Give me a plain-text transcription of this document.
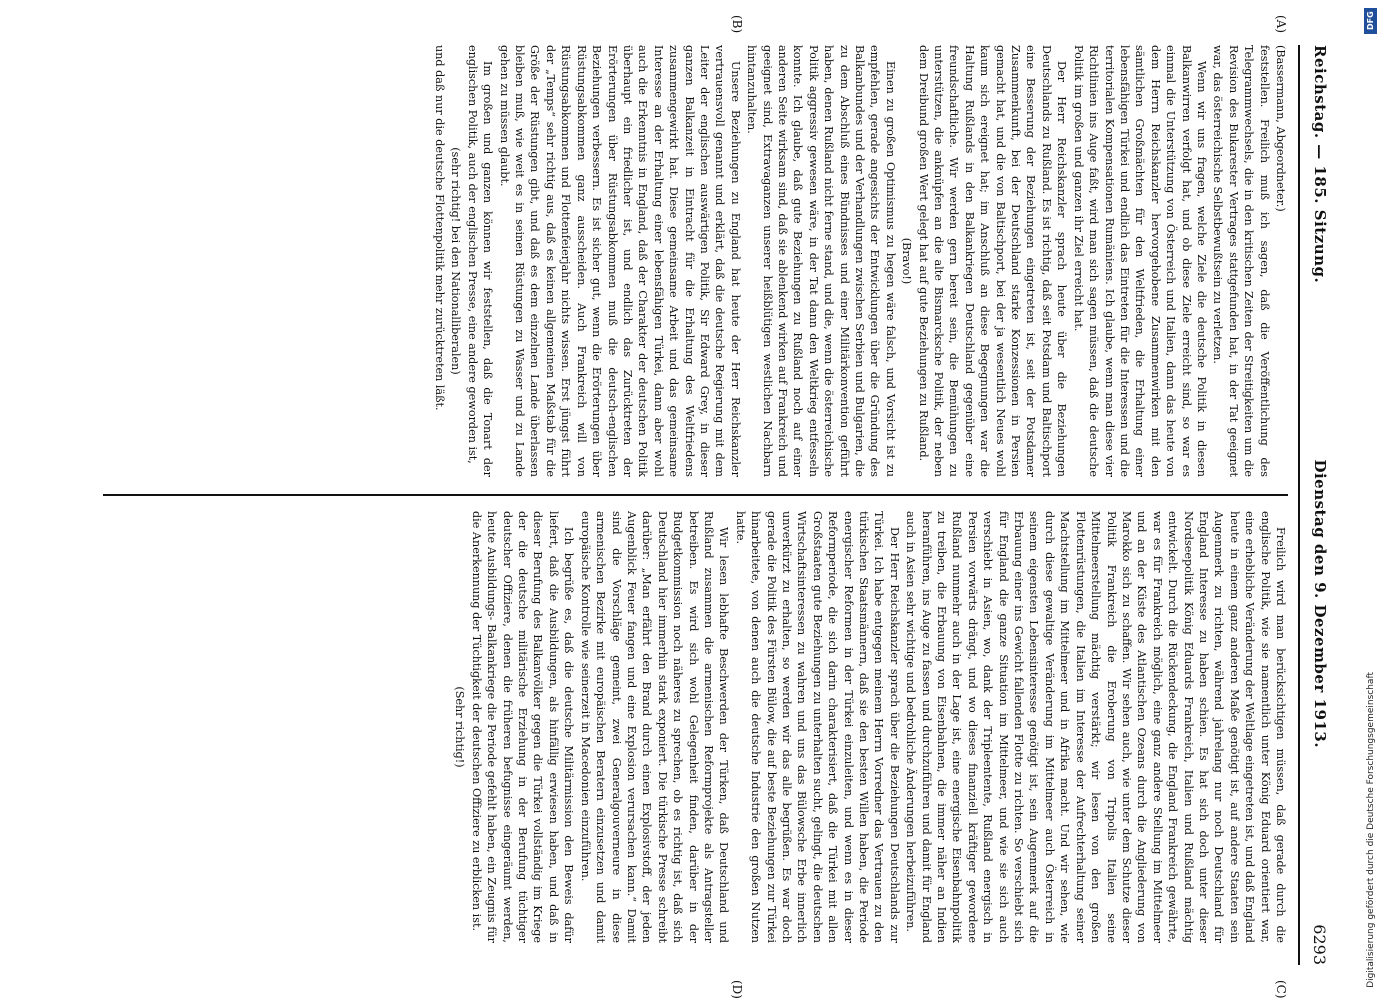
Reichstag. — 185. Sitzung.
Dienstag den 9. Dezember 1913.
6293
(A)
(B)
(C)
(D)

(Bassermann, Abgeordneter.)

feststellen. Freilich muß ich sagen, daß die Veröffentlichung des Telegrammwechsels, die in den kritischen Zeiten der Streitigkeiten um die Revision des Bukarester Vertrages stattgefunden hat, in der Tat geeignet war, das österreichische Selbstbewußtsein zu verletzen.

Wenn wir uns fragen, welche Ziele die deutsche Politik in diesen Balkanwirren verfolgt hat, und ob diese Ziele erreicht sind, so war es einmal die Unterstützung von Österreich und Italien, dann das heute von dem Herrn Reichskanzler hervorgehobene Zusammenwirken mit den sämtlichen Großmächten für den Weltfrieden, die Erhaltung einer lebensfähigen Türkei und endlich das Eintreten für die Interessen und die territorialen Kompensationen Rumäniens. Ich glaube, wenn man diese vier Richtlinien ins Auge faßt, wird man sich sagen müssen, daß die deutsche Politik im großen und ganzen ihr Ziel erreicht hat.

Der Herr Reichskanzler sprach heute über die Beziehungen Deutschlands zu Rußland. Es ist richtig, daß seit Potsdam und Baltischport eine Besserung der Beziehungen eingetreten ist, seit der Potsdamer Zusammenkunft, bei der Deutschland starke Konzessionen in Persien gemacht hat, und die von Baltischport, bei der ja wesentlich Neues wohl kaum sich ereignet hat; im Anschluß an diese Begegnungen war die Haltung Rußlands in den Balkankriegen Deutschland gegenüber eine freundschaftliche. Wir werden gern bereit sein, die Bemühungen zu unterstützen, die anknüpfen an die alte Bismarcksche Politik, der neben dem Dreibund großen Wert gelegt hat auf gute Beziehungen zu Rußland.

(Bravo!)

Einen zu großen Optimismus zu hegen wäre falsch, und Vorsicht ist zu empfehlen, gerade angesichts der Entwicklungen über die Gründung des Balkanbundes und der Verhandlungen zwischen Serbien und Bulgarien, die zu dem Abschluß eines Bündnisses und einer Militärkonvention geführt haben, denen Rußland nicht ferne stand, und die, wenn die österreichische Politik aggressiv gewesen wäre, in der Tat dann den Weltkrieg entfesseln konnte. Ich glaube, daß gute Beziehungen zu Rußland noch auf einer anderen Seite wirksam sind, daß sie ablenkend wirken auf Frankreich und geeignet sind, Extravaganzen unserer heißblütigen westlichen Nachbarn hintanzuhalten.

Unsere Beziehungen zu England hat heute der Herr Reichskanzler vertrauensvoll genannt und erklärt, daß die deutsche Regierung mit dem Leiter der englischen auswärtigen Politik, Sir Edward Grey, in dieser ganzen Balkanzeit in Eintracht für die Erhaltung des Weltfriedens zusammengewirkt hat. Diese gemeinsame Arbeit und das gemeinsame Interesse an der Erhaltung einer lebensfähigen Türkei, dann aber wohl auch die Erkenntnis in England, daß der Charakter der deutschen Politik überhaupt ein friedlicher ist, und endlich das Zurücktreten der Erörterungen über Rüstungsabkommen muß die deutsch-englischen Beziehungen verbessern. Es ist sicher gut, wenn die Erörterungen über Rüstungsabkommen ganz ausscheiden. Auch Frankreich will von Rüstungsabkommen und Flottenfeierjahr nichts wissen. Erst jüngst führt der „Temps“ sehr richtig aus, daß es keinen allgemeinen Maßstab für die Größe der Rüstungen gibt, und daß es dem einzelnen Lande überlassen bleiben muß, wie weit es in seinen Rüstungen zu Wasser und zu Lande gehen zu müssen glaubt.

Im großen und ganzen können wir feststellen, daß die Tonart der englischen Politik, auch der englischen Presse, eine andere geworden ist,

(sehr richtig! bei den Nationalliberalen)

und daß nur die deutsche Flottenpolitik mehr zurücktreten läßt.

Freilich wird man berücksichtigen müssen, daß gerade durch die englische Politik, wie sie namentlich unter König Eduard orientiert war, eine erhebliche Veränderung der Weltlage eingetreten ist, und daß England heute in einem ganz anderen Maße genötigt ist, auf andere Staaten sein Augenmerk zu richten, während jahrelang nur noch Deutschland für England Interesse zu haben schien. Es hat sich doch unter dieser Nordseepolitik König Eduards Frankreich, Italien und Rußland mächtig entwickelt. Durch die Rückendeckung, die England Frankreich gewährte, war es für Frankreich möglich, eine ganz andere Stellung im Mittelmeer und an der Küste des Atlantischen Ozeans durch die Angliederung von Marokko sich zu schaffen. Wir sehen auch, wie unter dem Schutze dieser Politik Frankreich die Eroberung von Tripolis Italien seine Mittelmeerstellung mächtig verstärkt; wir lesen von den großen Flottenrüstungen, die Italien im Interesse der Aufrechterhaltung seiner Machtstellung im Mittelmeer und in Afrika macht. Und wir sehen, wie durch diese gewaltige Veränderung im Mittelmeer auch Österreich in seinem eigensten Lebensinteresse genötigt ist, sein Augenmerk auf die Erbauung einer ins Gewicht fallenden Flotte zu richten. So verschiebt sich für England die ganze Situation im Mittelmeer, und wie sie sich auch verschiebt in Asien, wo, dank der Tripleentente, Rußland energisch in Persien vorwärts drängt, und wo dieses finanziell kräftiger gewordene Rußland nunmehr auch in der Lage ist, eine energische Eisenbahnpolitik zu treiben, die Erbauung von Eisenbahnen, die immer näher an Indien heranführen, ins Auge zu fassen und durchzuführen und damit für England auch in Asien sehr wichtige und bedrohliche Änderungen herbeizuführen.

Der Herr Reichskanzler sprach über die Beziehungen Deutschlands zur Türkei. Ich habe entgegen meinem Herrn Vorredner das Vertrauen zu den türkischen Staatsmännern, daß sie den besten Willen haben, die Periode energischer Reformen in der Türkei einzuleiten, und wenn es in dieser Reformperiode, die sich darin charakterisiert, daß die Türkei mit allen Großstaaten gute Beziehungen zu unterhalten sucht, gelingt, die deutschen Wirtschaftsinteressen zu wahren und uns das Bülowsche Erbe innerlich unverkürzt zu erhalten, so werden wir das alle begrüßen. Es war doch gerade die Politik des Fürsten Bülow, die auf beste Beziehungen zur Türkei hinarbeitete, von denen auch die deutsche Industrie den großen Nutzen hatte.

Wir lesen lebhafte Beschwerden der Türken, daß Deutschland und Rußland zusammen die armenischen Reformprojekte als Antragsteller betreiben. Es wird sich wohl Gelegenheit finden, darüber in der Budgetkommission noch näheres zu sprechen, ob es richtig ist, daß sich Deutschland hier immerhin stark exponiert. Die türkische Presse schreibt darüber: „Man erfährt den Brand durch einen Explosivstoff, der jeden Augenblick Feuer fangen und eine Explosion verursachen kann.“ Damit sind die Vorschläge gemeint, zwei Generalgouverneure in diese armenischen Bezirke mit europäischen Beratern einzusetzen und damit europäische Kontrolle wie seinerzeit in Macedonien einzuführen.

Ich begrüße es, daß die deutsche Militärmission den Beweis dafür liefert, daß die Ausbildungen, als hinfällig erwiesen haben, und daß in dieser Berufung des Balkanvölker gegen die Türkei vollständig im Kriege der die deutsche militärische Erziehung in der Berufung tüchtiger deutscher Offiziere, denen die früheren befugnisse eingeräumt werden, heute Ausbildungs- Balkankriege die Periode gefehlt haben, ein Zeugnis für die Anerkennung der Tüchtigkeit der deutschen Offiziere zu erblicken ist.

(Sehr richtig!)

DFG
Digitalisierung gefördert durch die Deutsche Forschungsgemeinschaft
